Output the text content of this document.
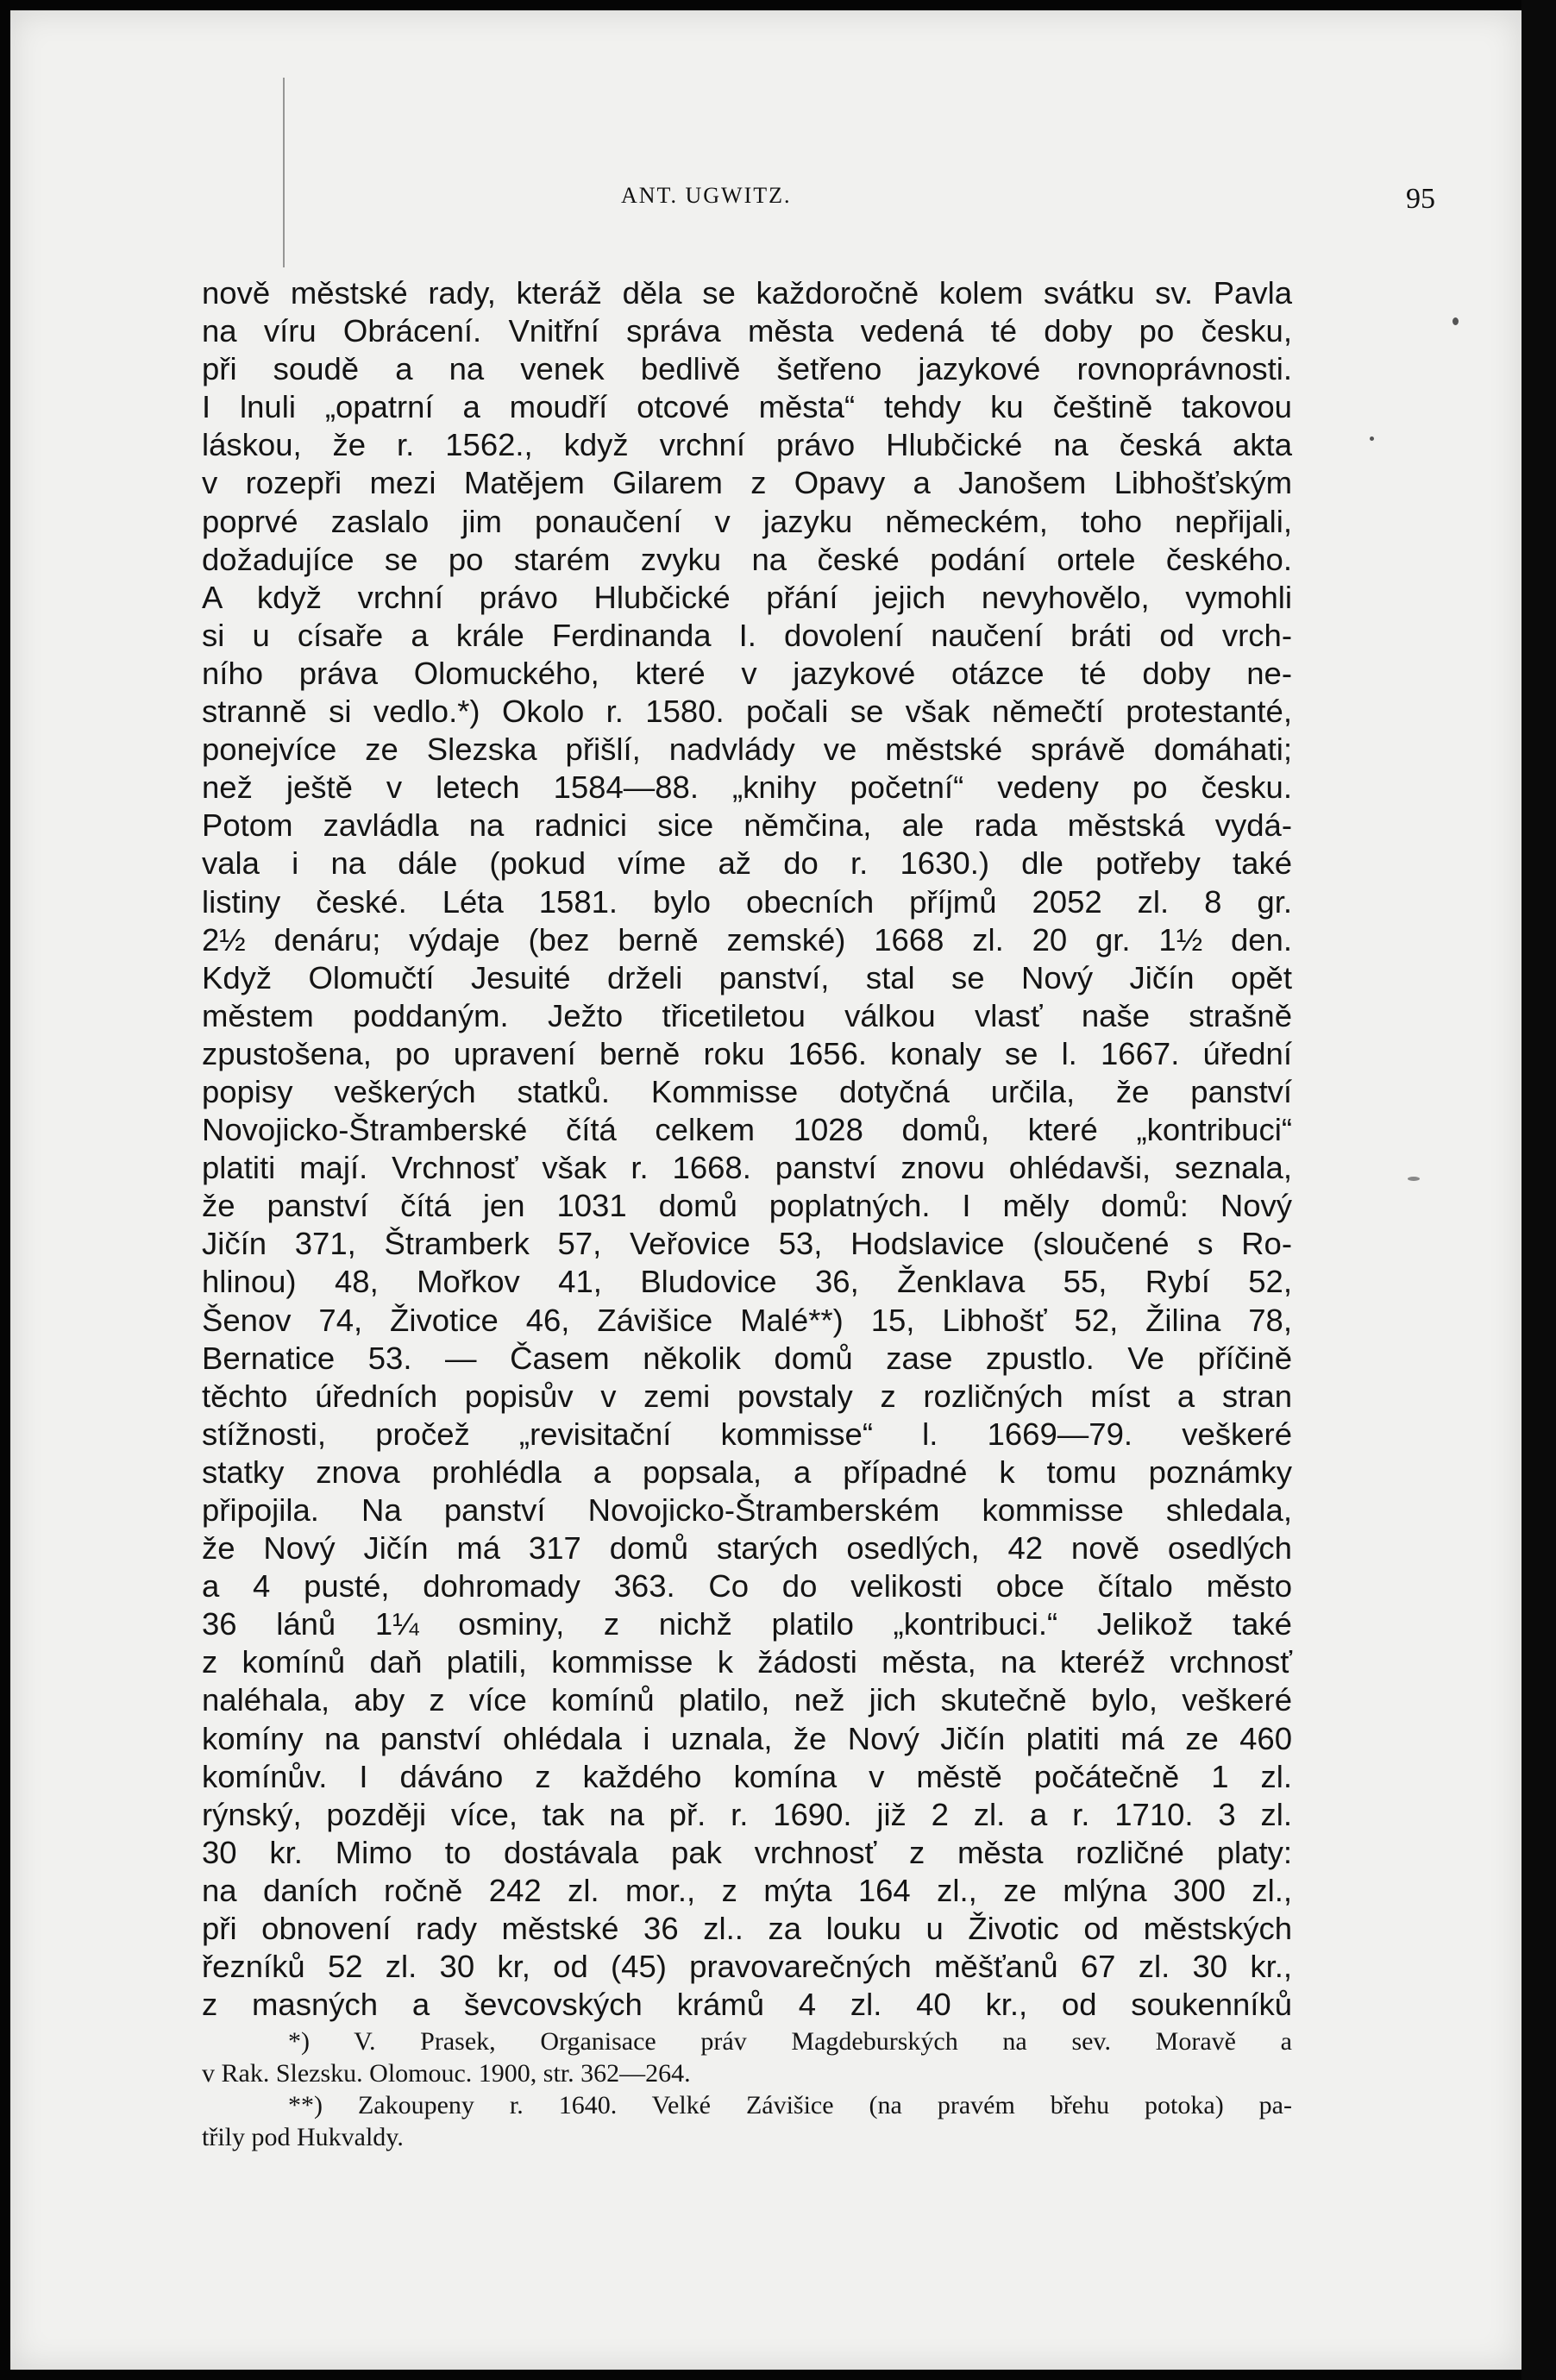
ANT. UGWITZ.	95
nově městské rady, kteráž děla se každoročně kolem svátku sv. Pavla
na víru Obrácení. Vnitřní správa města vedená té doby po česku,
při soudě a na venek bedlivě šetřeno jazykové rovnoprávnosti.
I lnuli „opatrní a moudří otcové města“ tehdy ku češtině takovou
láskou, že r. 1562., když vrchní právo Hlubčické na česká akta
v rozepři mezi Matějem Gilarem z Opavy a Janošem Libhošťským
poprvé zaslalo jim ponaučení v jazyku německém, toho nepřijali,
dožadujíce se po starém zvyku na české podání ortele českého.
A když vrchní právo Hlubčické přání jejich nevyhovělo, vymohli
si u císaře a krále Ferdinanda I. dovolení naučení bráti od vrch-
ního práva Olomuckého, které v jazykové otázce té doby ne-
stranně si vedlo.*) Okolo r. 1580. počali se však němečtí protestanté,
ponejvíce ze Slezska přišlí, nadvlády ve městské správě domáhati;
než ještě v letech 1584—88. „knihy početní“ vedeny po česku.
Potom zavládla na radnici sice němčina, ale rada městská vydá-
vala i na dále (pokud víme až do r. 1630.) dle potřeby také
listiny české. Léta 1581. bylo obecních příjmů 2052 zl. 8 gr.
2½ denáru; výdaje (bez berně zemské) 1668 zl. 20 gr. 1½ den.
Když Olomučtí Jesuité drželi panství, stal se Nový Jičín opět
městem poddaným. Ježto třicetiletou válkou vlasť naše strašně
zpustošena, po upravení berně roku 1656. konaly se l. 1667. úřední
popisy veškerých statků. Kommisse dotyčná určila, že panství
Novojicko-Štramberské čítá celkem 1028 domů, které „kontribuci“
platiti mají. Vrchnosť však r. 1668. panství znovu ohlédavši, seznala,
že panství čítá jen 1031 domů poplatných. I měly domů: Nový
Jičín 371, Štramberk 57, Veřovice 53, Hodslavice (sloučené s Ro-
hlinou) 48, Mořkov 41, Bludovice 36, Ženklava 55, Rybí 52,
Šenov 74, Životice 46, Závišice Malé**) 15, Libhošť 52, Žilina 78,
Bernatice 53. — Časem několik domů zase zpustlo. Ve příčině
těchto úředních popisův v zemi povstaly z rozličných míst a stran
stížnosti, pročež „revisitační kommisse“ l. 1669—79. veškeré
statky znova prohlédla a popsala, a případné k tomu poznámky
připojila. Na panství Novojicko-Štramberském kommisse shledala,
že Nový Jičín má 317 domů starých osedlých, 42 nově osedlých
a 4 pusté, dohromady 363. Co do velikosti obce čítalo město
36 lánů 1¼ osminy, z nichž platilo „kontribuci.“ Jelikož také
z komínů daň platili, kommisse k žádosti města, na kteréž vrchnosť
naléhala, aby z více komínů platilo, než jich skutečně bylo, veškeré
komíny na panství ohlédala i uznala, že Nový Jičín platiti má ze 460
komínův. I dáváno z každého komína v městě počátečně 1 zl.
rýnský, později více, tak na př. r. 1690. již 2 zl. a r. 1710. 3 zl.
30 kr. Mimo to dostávala pak vrchnosť z města rozličné platy:
na daních ročně 242 zl. mor., z mýta 164 zl., ze mlýna 300 zl.,
při obnovení rady městské 36 zl.. za louku u Životic od městských
řezníků 52 zl. 30 kr, od (45) pravovarečných měšťanů 67 zl. 30 kr.,
z masných a ševcovských krámů 4 zl. 40 kr., od soukenníků
*) V. Prasek, Organisace práv Magdeburských na sev. Moravě a
v Rak. Slezsku. Olomouc. 1900, str. 362—264.
**) Zakoupeny r. 1640. Velké Závišice (na pravém břehu potoka) pa-
třily pod Hukvaldy.
